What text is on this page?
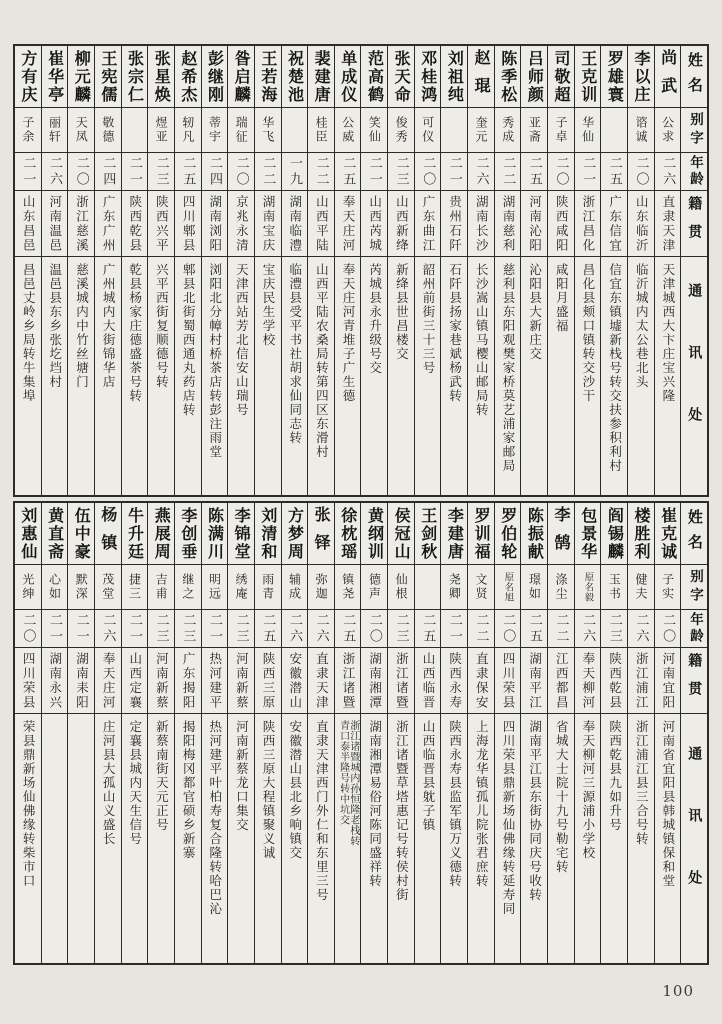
姓名
别字
年龄
籍贯
通讯处
尚武
公求
二六
直隶天津
天津城西大卞庄宝兴隆
李以庄
谘诚
二〇
山东临沂
临沂城内太公巷北头
罗雄寰
二五
广东信宜
信宜东镇墟新栈号转交扶参积利村
王克训
华仙
二一
浙江昌化
昌化县颊口镇转交沙干
司敬超
子卓
二〇
陕西咸阳
咸阳月盛福
吕师颜
亚斋
二五
河南沁阳
沁阳县大新庄交
陈季松
秀成
二二
湖南慈利
慈利县东阳观樊家桥莫艺浦家邮局
赵琨
奎元
二六
湖南长沙
长沙嵩山镇马樱山邮局转
刘祖纯
二一
贵州石阡
石阡县扬家巷斌杨武转
邓桂鸿
可仪
二〇
广东曲江
韶州前街三十三号
张天命
俊秀
二三
山西新绛
新绛县世昌楼交
范高鹤
笑仙
二一
山西芮城
芮城县永升级号交
单成仪
公威
二五
奉天庄河
奉天庄河青堆子广生德
裴建唐
桂臣
二二
山西平陆
山西平陆农桑局转第四区东滑村
祝楚池
一九
湖南临澧
临澧县受平书社胡求仙同志转
王若海
华飞
二二
湖南宝庆
宝庆民生学校
昝启麟
瑞征
二〇
京兆永清
天津西站芳北信安山瑞号
彭继刚
蒂宇
二四
湖南浏阳
浏阳北分幛村桥茶店转彭注雨堂
赵希杰
轫凡
二五
四川郫县
郫县北街蜀西通丸药店转
张星焕
煜亚
二三
陕西兴平
兴平西街复顺德号转
张宗仁
二一
陕西乾县
乾县杨家庄德盛茶号转
王宪儒
敬德
二四
广东广州
广州城内大街锦华店
柳元麟
天凤
二〇
浙江慈溪
慈溪城内中竹丝塘门
崔华亭
丽轩
二六
河南温邑
温邑县东乡张圪垱村
方有庆
子余
二一
山东昌邑
昌邑丈岭乡局转牛集埠
姓名
别字
年龄
籍贯
通讯处
崔克诚
子实
二〇
河南宜阳
河南省宜阳县韩城镇保和堂
楼胜利
健夫
二六
浙江浦江
浙江浦江县三合号转
阎锡麟
玉书
二三
陕西乾县
陕西乾县九如升号
包景华
原名毅
二六
奉天柳河
奉天柳河三源浦小学校
李鹄
涤尘
二二
江西都昌
省城大士院十九号勒宅转
陈振献
璟如
二五
湖南平江
湖南平江县东街协同庆号收转
罗伯轮
原名旭
二〇
四川荣县
四川荣县鼎新场仙佛缘转延寿同
罗训福
文贤
二二
直隶保安
上海龙华镇孤儿院张君庶转
李建唐
尧卿
二一
陕西永寿
陕西永寿县监军镇万义德转
王剑秋
二五
山西临晋
山西临晋县躭子镇
侯冠山
仙根
二三
浙江诸暨
浙江诸暨草塔惠记号转侯村街
黄纲训
德声
二〇
湖南湘潭
湖南湘潭易俗河陈同盛祥转
徐枕瑶
镇尧
二五
浙江诸暨
浙江诸暨城内孙恒隆老栈转
青口泰半隆号转中坑交
张铎
弥迦
二六
直隶天津
直隶天津西门外仁和东里三号
方梦周
辅成
二六
安徽潜山
安徽潜山县北乡响镇交
刘清和
雨青
二五
陕西三原
陕西三原大程镇聚义诚
李锦堂
绣庵
二三
河南新蔡
河南新蔡龙口集交
陈满川
明远
二一
热河建平
热河建平叶柏寿复合隆转哈巴沁
李创垂
继之
二三
广东揭阳
揭阳梅冈都官硕乡新寨
燕展周
吉甫
二三
河南新蔡
新蔡南街天元正号
牛升廷
捷三
二一
山西定襄
定襄县城内天生信号
杨镇
茂堂
二六
奉天庄河
庄河县大孤山义盛长
伍中豪
默深
二一
湖南耒阳
黄直斋
心如
二一
湖南永兴
刘惠仙
光绅
二〇
四川荣县
荣县鼎新场仙佛缘转柴市口
100
